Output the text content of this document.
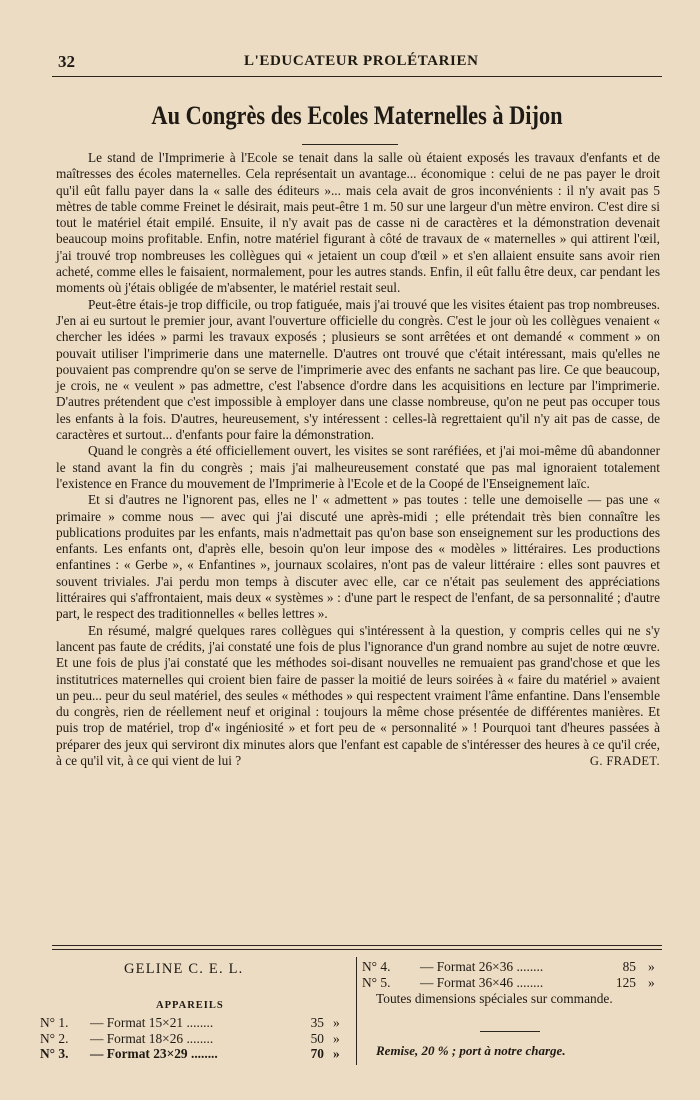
32	L'EDUCATEUR PROLÉTARIEN
Au Congrès des Ecoles Maternelles à Dijon

Le stand de l'Imprimerie à l'Ecole se tenait dans la salle où étaient exposés les travaux d'enfants et de maîtresses des écoles maternelles. Cela représentait un avantage... économique : celui de ne pas payer le droit qu'il eût fallu payer dans la « salle des éditeurs »... mais cela avait de gros inconvénients : il n'y avait pas 5 mètres de table comme Freinet le désirait, mais peut-être 1 m. 50 sur une largeur d'un mètre environ. C'est dire si tout le matériel était empilé. Ensuite, il n'y avait pas de casse ni de caractères et la démonstration devenait beaucoup moins profitable. Enfin, notre matériel figurant à côté de travaux de « maternelles » qui attirent l'œil, j'ai trouvé trop nombreuses les collègues qui « jetaient un coup d'œil » et s'en allaient ensuite sans avoir rien acheté, comme elles le faisaient, normalement, pour les autres stands. Enfin, il eût fallu être deux, car pendant les moments où j'étais obligée de m'absenter, le matériel restait seul.

Peut-être étais-je trop difficile, ou trop fatiguée, mais j'ai trouvé que les visites étaient pas trop nombreuses. J'en ai eu surtout le premier jour, avant l'ouverture officielle du congrès. C'est le jour où les collègues venaient « chercher les idées » parmi les travaux exposés ; plusieurs se sont arrêtées et ont demandé « comment » on pouvait utiliser l'imprimerie dans une maternelle. D'autres ont trouvé que c'était intéressant, mais qu'elles ne pouvaient pas comprendre qu'on se serve de l'imprimerie avec des enfants ne sachant pas lire. Ce que beaucoup, je crois, ne « veulent » pas admettre, c'est l'absence d'ordre dans les acquisitions en lecture par l'imprimerie. D'autres prétendent que c'est impossible à employer dans une classe nombreuse, qu'on ne peut pas occuper tous les enfants à la fois. D'autres, heureusement, s'y intéressent : celles-là regrettaient qu'il n'y ait pas de casse, de caractères et surtout... d'enfants pour faire la démonstration.

Quand le congrès a été officiellement ouvert, les visites se sont raréfiées, et j'ai moi-même dû abandonner le stand avant la fin du congrès ; mais j'ai malheureusement constaté que pas mal ignoraient totalement l'existence en France du mouvement de l'Imprimerie à l'Ecole et de la Coopé de l'Enseignement laïc.

Et si d'autres ne l'ignorent pas, elles ne l' « admettent » pas toutes : telle une demoiselle — pas une « primaire » comme nous — avec qui j'ai discuté une après-midi ; elle prétendait très bien connaître les publications produites par les enfants, mais n'admettait pas qu'on base son enseignement sur les productions des enfants. Les enfants ont, d'après elle, besoin qu'on leur impose des « modèles » littéraires. Les productions enfantines : « Gerbe », « Enfantines », journaux scolaires, n'ont pas de valeur littéraire : elles sont pauvres et souvent triviales. J'ai perdu mon temps à discuter avec elle, car ce n'était pas seulement des appréciations littéraires qui s'affrontaient, mais deux « systèmes » : d'une part le respect de l'enfant, de sa personnalité ; d'autre part, le respect des traditionnelles « belles lettres ».

En résumé, malgré quelques rares collègues qui s'intéressent à la question, y compris celles qui ne s'y lancent pas faute de crédits, j'ai constaté une fois de plus l'ignorance d'un grand nombre au sujet de notre œuvre. Et une fois de plus j'ai constaté que les méthodes soi-disant nouvelles ne remuaient pas grand'chose et que les institutrices maternelles qui croient bien faire de passer la moitié de leurs soirées à « faire du matériel » avaient un peu... peur du seul matériel, des seules « méthodes » qui respectent vraiment l'âme enfantine. Dans l'ensemble du congrès, rien de réellement neuf et original : toujours la même chose présentée de différentes manières. Et puis trop de matériel, trop d'« ingéniosité » et fort peu de « personnalité » ! Pourquoi tant d'heures passées à préparer des jeux qui serviront dix minutes alors que l'enfant est capable de s'intéresser des heures à ce qu'il crée, à ce qu'il vit, à ce qui vient de lui ?	G. FRADET.
GELINE C. E. L.
APPAREILS
N° 1. — Format 15×21 ........	35 »
N° 2. — Format 18×26 ........	50 »
N° 3. — Format 23×29 ........	70 »
N° 4. — Format 26×36 ........	85 »
N° 5. — Format 36×46 ........	125 »
Toutes dimensions spéciales sur commande.
Remise, 20 % ; port à notre charge.
